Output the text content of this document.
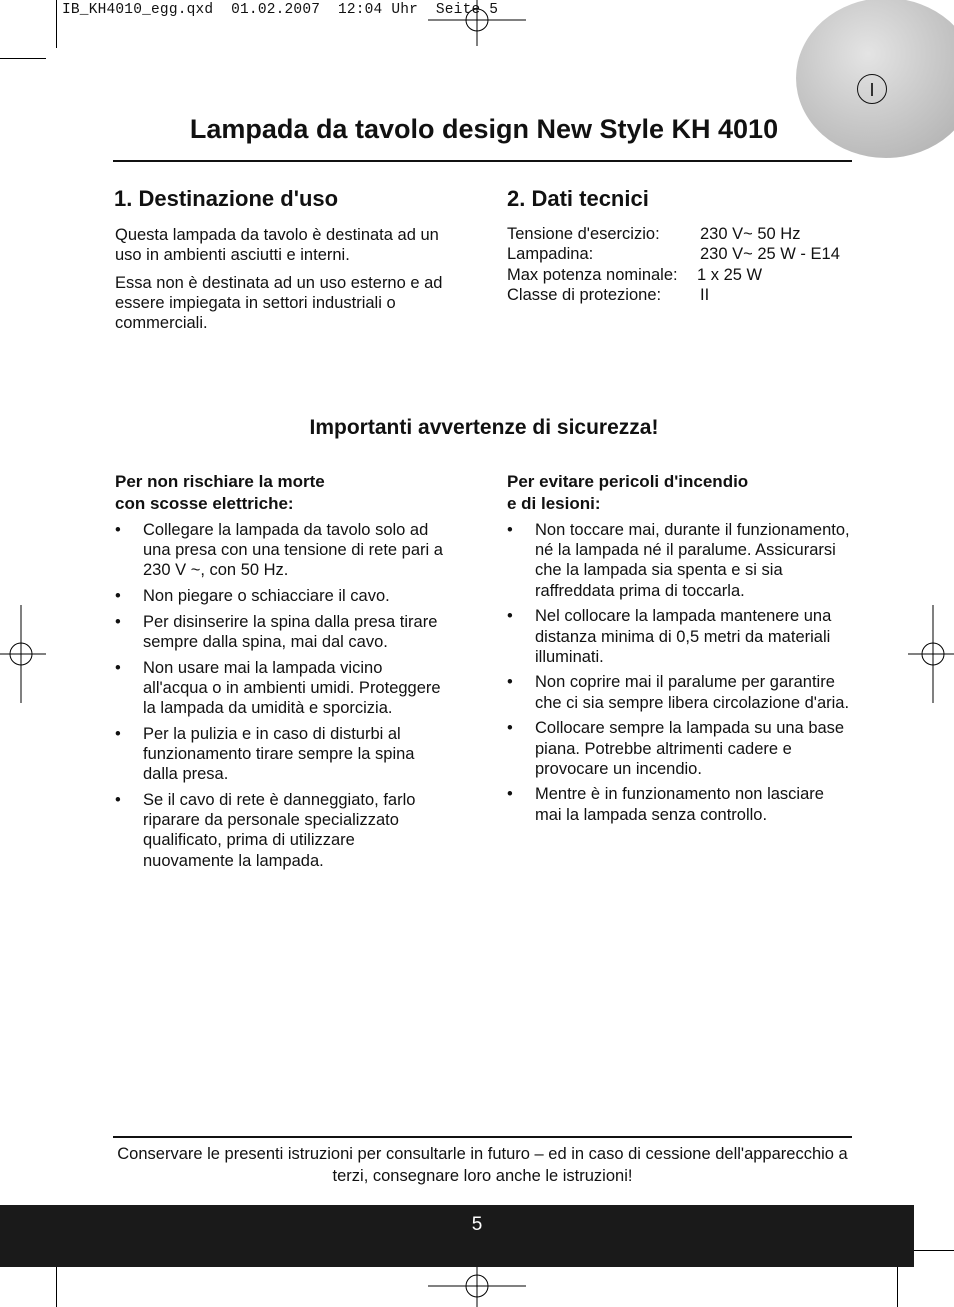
IB_KH4010_egg.qxd  01.02.2007  12:04 Uhr  Seite 5
I
Lampada da tavolo design New Style KH 4010
1. Destinazione d'uso

Questa lampada da tavolo è destinata ad un uso in ambienti asciutti e interni.

Essa non è destinata ad un uso esterno e ad essere impiegata in settori industriali o commerciali.

2. Dati tecnici
Tensione d'esercizio:	230 V~ 50 Hz
Lampadina:	230 V~ 25 W - E14
Max potenza nominale:	1 x 25 W
Classe di protezione:	II
Importanti avvertenze di sicurezza!
Per non rischiare la morte
con scosse elettriche:
• Collegare la lampada da tavolo solo ad una presa con una tensione di rete pari a 230 V ~, con 50 Hz.
• Non piegare o schiacciare il cavo.
• Per disinserire la spina dalla presa tirare sempre dalla spina, mai dal cavo.
• Non usare mai la lampada vicino all'acqua o in ambienti umidi. Proteggere la lampada da umidità e sporcizia.
• Per la pulizia e in caso di disturbi al funzionamento tirare sempre la spina dalla presa.
• Se il cavo di rete è danneggiato, farlo riparare da personale specializzato qualificato, prima di utilizzare nuovamente la lampada.
Per evitare pericoli d'incendio
e di lesioni:
• Non toccare mai, durante il funzionamento, né la lampada né il paralume. Assicurarsi che la lampada sia spenta e si sia raffreddata prima di toccarla.
• Nel collocare la lampada mantenere una distanza minima di 0,5 metri da materiali illuminati.
• Non coprire mai il paralume per garantire che ci sia sempre libera circolazione d'aria.
• Collocare sempre la lampada su una base piana. Potrebbe altrimenti cadere e provocare un incendio.
• Mentre è in funzionamento non lasciare mai la lampada senza controllo.

Conservare le presenti istruzioni per consultarle in futuro – ed in caso di cessione dell'apparecchio a terzi, consegnare loro anche le istruzioni!

5
